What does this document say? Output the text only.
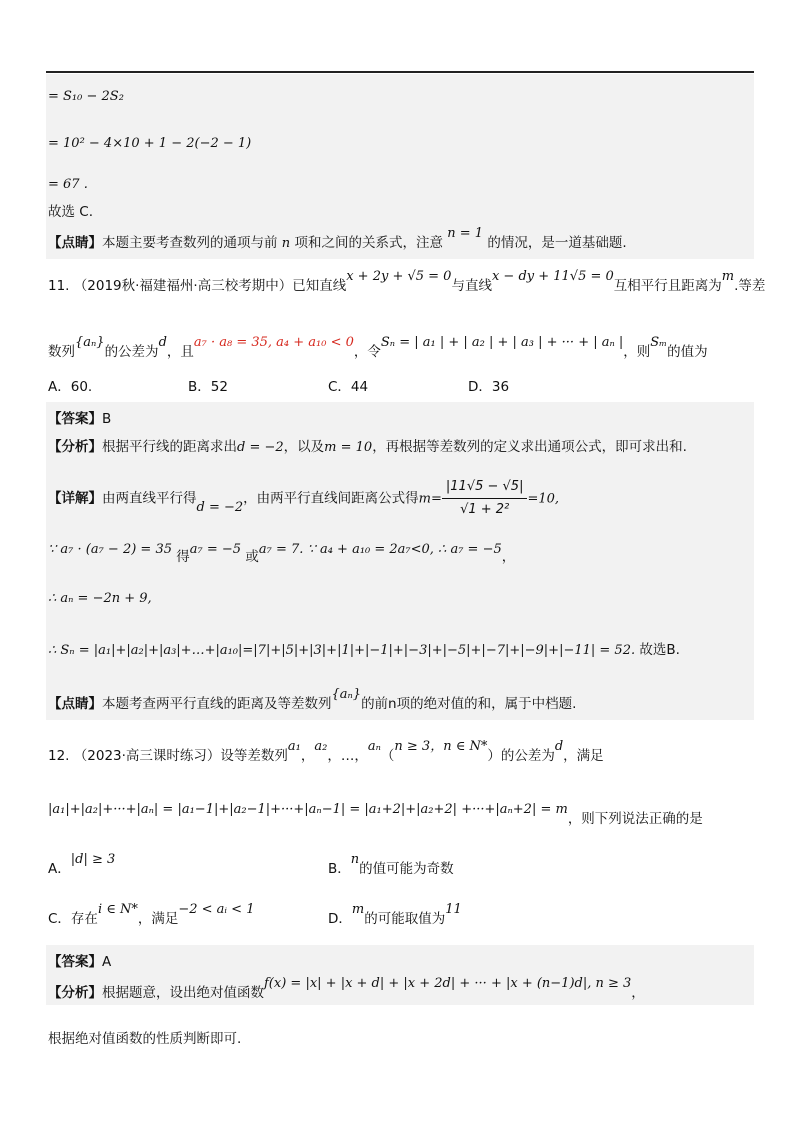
= S₁₀ − 2S₂
= 10² − 4×10 + 1 − 2(−2 − 1)
= 67 .
故选 C.
【点睛】本题主要考查数列的通项与前 n 项和之间的关系式，注意 n = 1 的情况，是一道基础题.
11. （2019秋·福建福州·高三校考期中）已知直线x + 2y + √5 = 0与直线x − dy + 11√5 = 0互相平行且距离为m.等差
数列{aₙ}的公差为d，且a₇ · a₈ = 35, a₄ + a₁₀ < 0，令Sₙ = | a₁ | + | a₂ | + | a₃ | + ··· + | aₙ |，则Sₘ的值为
A．60.	B．52	C．44	D．36
【答案】B
【分析】根据平行线的距离求出d = −2，以及m = 10，再根据等差数列的定义求出通项公式，即可求出和.
【详解】由两直线平行得d = −2，由两平行直线间距离公式得$m= \frac{|11√5 - √5|}{\text{√1 + 2²}} =10$,
∵ a₇ · (a₇ − 2) = 35 得a₇ = −5 或a₇ = 7. ∵ a₄ + a₁₀ = 2a₇<0, ∴ a₇ = −5，
∴ aₙ = −2n + 9,
∴ Sₙ = |a₁|+|a₂|+|a₃|+…+|a₁₀|=|7|+|5|+|3|+|1|+|−1|+|−3|+|−5|+|−7|+|−9|+|−11| = 52. 故选B.
【点睛】本题考查两平行直线的距离及等差数列{aₙ}的前n项的绝对值的和，属于中档题.
12. （2023·高三课时练习）设等差数列a₁，a₂，…，aₙ（n ≥ 3，n ∈ N*）的公差为d，满足
|a₁|+|a₂|+···+|aₙ| = |a₁−1|+|a₂−1|+···+|aₙ−1| = |a₁+2|+|a₂+2| +···+|aₙ+2| = m，则下列说法正确的是
A．|d| ≥ 3
B．n的值可能为奇数
C．存在i ∈ N*，满足−2 < aᵢ < 1
D．m的可能取值为11
【答案】A
【分析】根据题意，设出绝对值函数f(x) = |x| + |x + d| + |x + 2d| + ··· + |x + (n−1)d|, n ≥ 3，
根据绝对值函数的性质判断即可.
